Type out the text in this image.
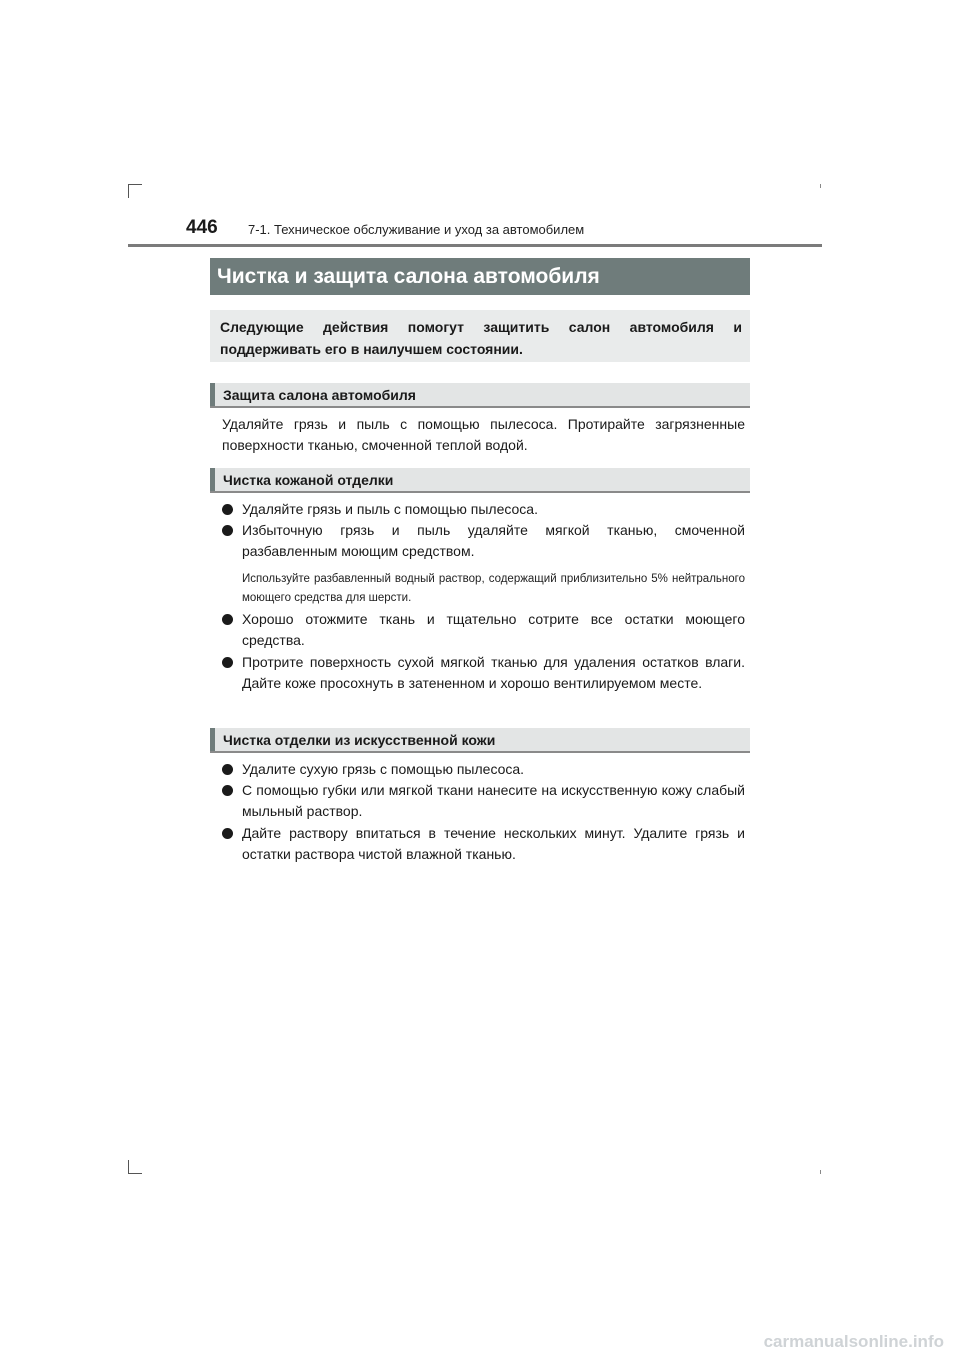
446 7-1. Техническое обслуживание и уход за автомобилем
Чистка и защита салона автомобиля
Следующие действия помогут защитить салон автомобиля и поддерживать его в наилучшем состоянии.
Защита салона автомобиля
Удаляйте грязь и пыль с помощью пылесоса. Протирайте загрязненные поверхности тканью, смоченной теплой водой.
Чистка кожаной отделки
Удаляйте грязь и пыль с помощью пылесоса.
Избыточную грязь и пыль удаляйте мягкой тканью, смоченной разбавленным моющим средством.
Используйте разбавленный водный раствор, содержащий приблизительно 5% нейтрального моющего средства для шерсти.
Хорошо отожмите ткань и тщательно сотрите все остатки моющего средства.
Протрите поверхность сухой мягкой тканью для удаления остатков влаги. Дайте коже просохнуть в затененном и хорошо вентилируемом месте.
Чистка отделки из искусственной кожи
Удалите сухую грязь с помощью пылесоса.
С помощью губки или мягкой ткани нанесите на искусственную кожу слабый мыльный раствор.
Дайте раствору впитаться в течение нескольких минут. Удалите грязь и остатки раствора чистой влажной тканью.
carmanualsonline.info
